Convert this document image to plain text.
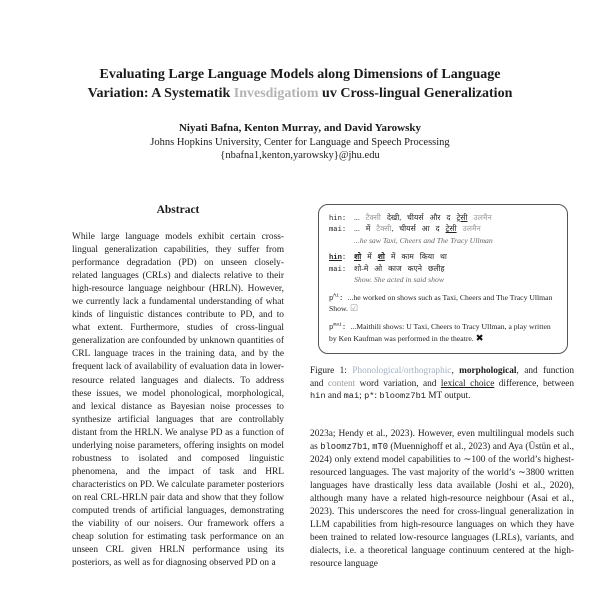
Evaluating Large Language Models along Dimensions of Language
Variation: A Systematik Invesdigatiom uv Cross-lingual Generalization
Niyati Bafna, Kenton Murray, and David Yarowsky
Johns Hopkins University, Center for Language and Speech Processing
{nbafna1,kenton,yarowsky}@jhu.edu
Abstract
While large language models exhibit certain cross-lingual generalization capabilities, they suffer from performance degradation (PD) on unseen closely-related languages (CRLs) and dialects relative to their high-resource language neighbour (HRLN). However, we currently lack a fundamental understanding of what kinds of linguistic distances contribute to PD, and to what extent. Furthermore, studies of cross-lingual generalization are confounded by unknown quantities of CRL language traces in the training data, and by the frequent lack of availability of evaluation data in lower-resource related languages and dialects. To address these issues, we model phonological, morphological, and lexical distance as Bayesian noise processes to synthesize artificial languages that are controllably distant from the HRLN. We analyse PD as a function of underlying noise parameters, offering insights on model robustness to isolated and composed linguistic phenomena, and the impact of task and HRL characteristics on PD. We calculate parameter posteriors on real CRL-HRLN pair data and show that they follow computed trends of artificial languages, demonstrating the viability of our noisers. Our framework offers a cheap solution for estimating task performance on an unseen CRL given HRLN performance using its posteriors, as well as for diagnosing observed PD on a
hin:	... टैक्सी देखी, चीयर्स और द ट्रेसी उलमैन
mai:	... में टैक्सी, चीयर्स आ द ट्रेसी उलमैन
...he saw Taxi, Cheers and The Tracy Ullman
hin:	शो में शो में काम किया था
mai:	शो-मे ओ काज कएने छलीह
Show. She acted in said show
$p^{hi}$: ...he worked on shows such as Taxi, Cheers and The Tracy Ullman Show. ☑
$p^{mai}$: ...Maithili shows: U Taxi, Cheers to Tracy Ullman, a play written by Ken Kaufman was performed in the theatre. ✖
Figure 1: Phonological/orthographic, morphological, and function and content word variation, and lexical choice difference, between hin and mai; p*: bloomz7b1 MT output.
2023a; Hendy et al., 2023). However, even multilingual models such as bloomz7b1, mT0 (Muennighoff et al., 2023) and Aya (Üstün et al., 2024) only extend model capabilities to ∼100 of the world’s highest-resourced languages. The vast majority of the world’s ∼3800 written languages have drastically less data available (Joshi et al., 2020), although many have a related high-resource neighbour (Asai et al., 2023). This underscores the need for cross-lingual generalization in LLM capabilities from high-resource languages on which they have been trained to related low-resource languages (LRLs), variants, and dialects, i.e. a theoretical language continuum centered at the high-resource language
